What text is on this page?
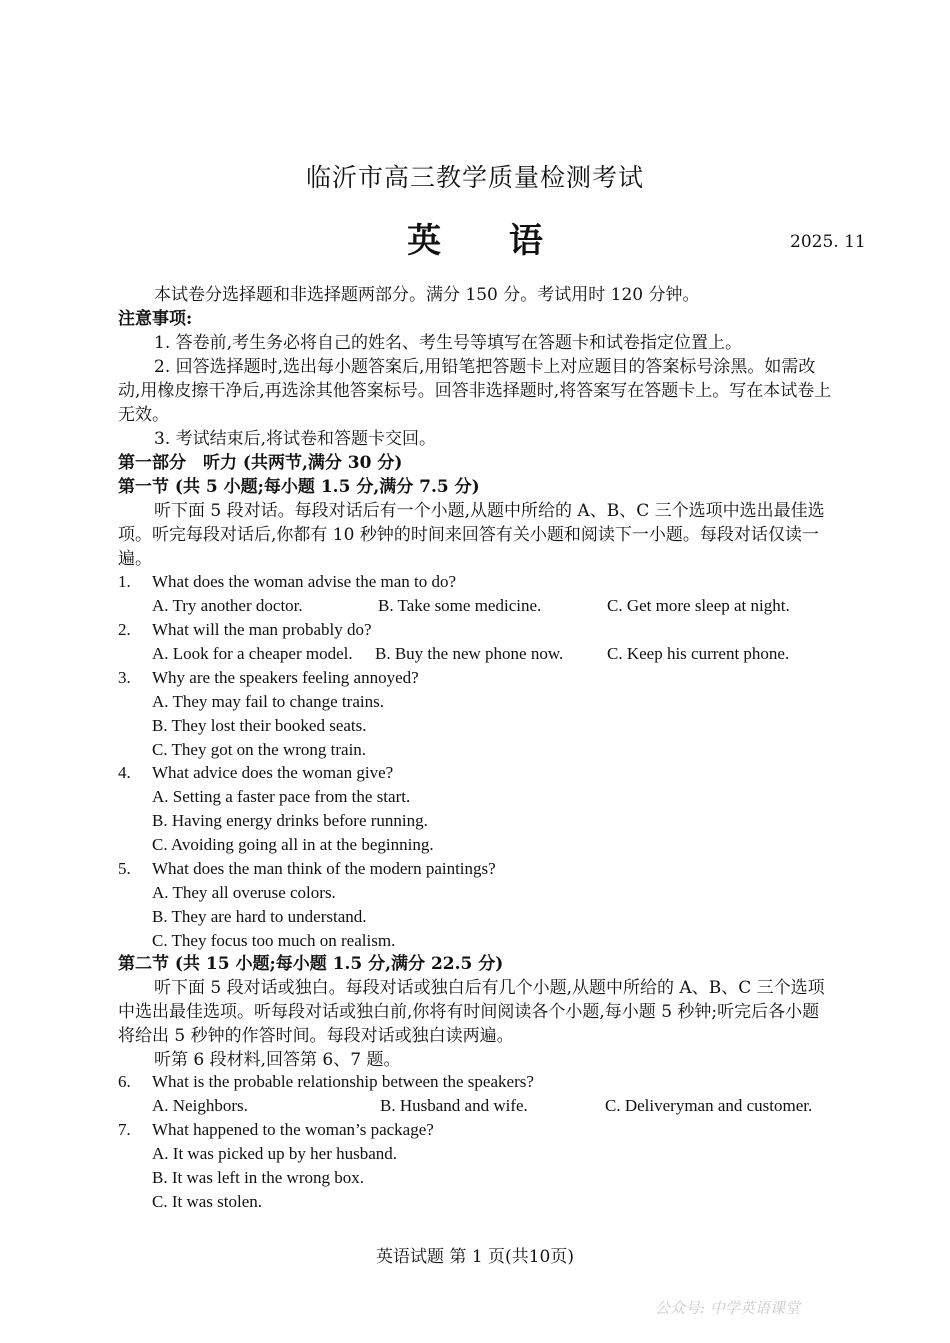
临沂市高三教学质量检测考试
英 语	2025. 11
本试卷分选择题和非选择题两部分。满分 150 分。考试用时 120 分钟。
注意事项:
1. 答卷前,考生务必将自己的姓名、考生号等填写在答题卡和试卷指定位置上。
2. 回答选择题时,选出每小题答案后,用铅笔把答题卡上对应题目的答案标号涂黑。如需改动,用橡皮擦干净后,再选涂其他答案标号。回答非选择题时,将答案写在答题卡上。写在本试卷上无效。
3. 考试结束后,将试卷和答题卡交回。
第一部分　听力 (共两节,满分 30 分)
第一节 (共 5 小题;每小题 1.5 分,满分 7.5 分)
听下面 5 段对话。每段对话后有一个小题,从题中所给的 A、B、C 三个选项中选出最佳选项。听完每段对话后,你都有 10 秒钟的时间来回答有关小题和阅读下一小题。每段对话仅读一遍。
1. What does the woman advise the man to do?
A. Try another doctor.	B. Take some medicine.	C. Get more sleep at night.
2. What will the man probably do?
A. Look for a cheaper model. B. Buy the new phone now.	C. Keep his current phone.
3. Why are the speakers feeling annoyed?
A. They may fail to change trains.
B. They lost their booked seats.
C. They got on the wrong train.
4. What advice does the woman give?
A. Setting a faster pace from the start.
B. Having energy drinks before running.
C. Avoiding going all in at the beginning.
5. What does the man think of the modern paintings?
A. They all overuse colors.
B. They are hard to understand.
C. They focus too much on realism.
第二节 (共 15 小题;每小题 1.5 分,满分 22.5 分)
听下面 5 段对话或独白。每段对话或独白后有几个小题,从题中所给的 A、B、C 三个选项中选出最佳选项。听每段对话或独白前,你将有时间阅读各个小题,每小题 5 秒钟;听完后各小题将给出 5 秒钟的作答时间。每段对话或独白读两遍。
听第 6 段材料,回答第 6、7 题。
6. What is the probable relationship between the speakers?
A. Neighbors.	B. Husband and wife.	C. Deliveryman and customer.
7. What happened to the woman’s package?
A. It was picked up by her husband.
B. It was left in the wrong box.
C. It was stolen.
英语试题 第 1 页(共10页)
公众号: 中学英语课堂
